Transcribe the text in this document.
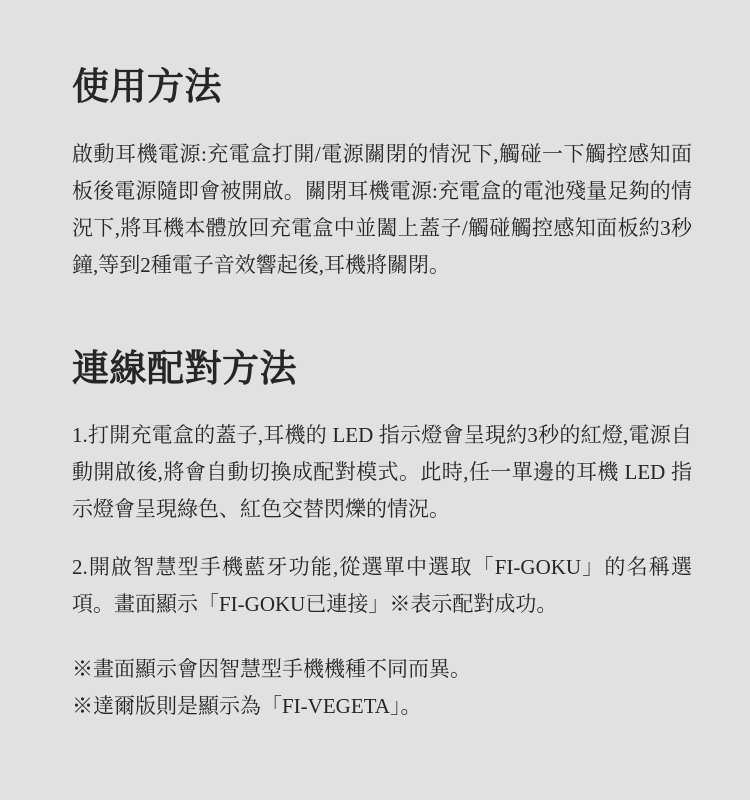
使用方法

啟動耳機電源:充電盒打開/電源關閉的情況下,觸碰一下觸控感知面板後電源隨即會被開啟。關閉耳機電源:充電盒的電池殘量足夠的情況下,將耳機本體放回充電盒中並闔上蓋子/觸碰觸控感知面板約3秒鐘,等到2種電子音效響起後,耳機將關閉。

連線配對方法

1.打開充電盒的蓋子,耳機的 LED 指示燈會呈現約3秒的紅燈,電源自動開啟後,將會自動切換成配對模式。此時,任一單邊的耳機 LED 指示燈會呈現綠色、紅色交替閃爍的情況。

2.開啟智慧型手機藍牙功能,從選單中選取「FI-GOKU」的名稱選項。畫面顯示「FI-GOKU已連接」※表示配對成功。

※畫面顯示會因智慧型手機機種不同而異。

※達爾版則是顯示為「FI-VEGETA」。
